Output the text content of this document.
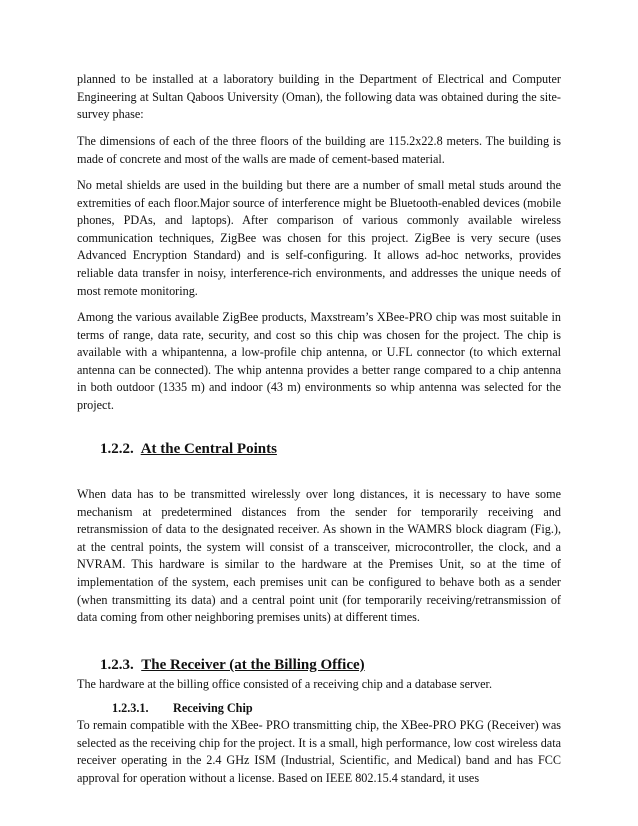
planned to be installed at a laboratory building in the Department of Electrical and Computer Engineering at Sultan Qaboos University (Oman), the following data was obtained during the site-survey phase:

The dimensions of each of the three floors of the building are 115.2x22.8 meters. The building is made of concrete and most of the walls are made of cement-based material.

No metal shields are used in the building but there are a number of small metal studs around the extremities of each floor.Major source of interference might be Bluetooth-enabled devices (mobile phones, PDAs, and laptops). After comparison of various commonly available wireless communication techniques, ZigBee was chosen for this project. ZigBee is very secure (uses Advanced Encryption Standard) and is self-configuring. It allows ad-hoc networks, provides reliable data transfer in noisy, interference-rich environments, and addresses the unique needs of most remote monitoring.

Among the various available ZigBee products, Maxstream’s XBee-PRO chip was most suitable in terms of range, data rate, security, and cost so this chip was chosen for the project. The chip is available with a whipantenna, a low-profile chip antenna, or U.FL connector (to which external antenna can be connected). The whip antenna provides a better range compared to a chip antenna in both outdoor (1335 m) and indoor (43 m) environments so whip antenna was selected for the project.

1.2.2. At the Central Points

When data has to be transmitted wirelessly over long distances, it is necessary to have some mechanism at predetermined distances from the sender for temporarily receiving and retransmission of data to the designated receiver. As shown in the WAMRS block diagram (Fig.), at the central points, the system will consist of a transceiver, microcontroller, the clock, and a NVRAM. This hardware is similar to the hardware at the Premises Unit, so at the time of implementation of the system, each premises unit can be configured to behave both as a sender (when transmitting its data) and a central point unit (for temporarily receiving/retransmission of data coming from other neighboring premises units) at different times.

1.2.3. The Receiver (at the Billing Office)

The hardware at the billing office consisted of a receiving chip and a database server.

1.2.3.1. Receiving Chip

To remain compatible with the XBee- PRO transmitting chip, the XBee-PRO PKG (Receiver) was selected as the receiving chip for the project. It is a small, high performance, low cost wireless data receiver operating in the 2.4 GHz ISM (Industrial, Scientific, and Medical) band and has FCC approval for operation without a license. Based on IEEE 802.15.4 standard, it uses
